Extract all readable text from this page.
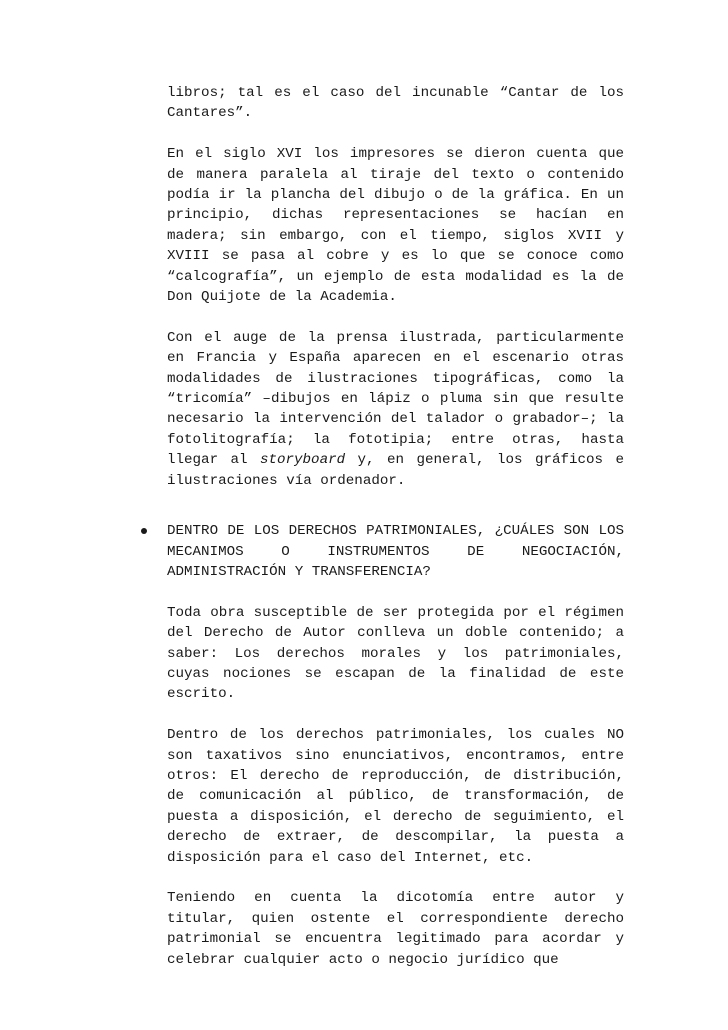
libros; tal es el caso del incunable “Cantar de los Cantares”.

En el siglo XVI los impresores se dieron cuenta que de manera paralela al tiraje del texto o contenido podía ir la plancha del dibujo o de la gráfica. En un principio, dichas representaciones se hacían en madera; sin embargo, con el tiempo, siglos XVII y XVIII se pasa al cobre y es lo que se conoce como “calcografía”, un ejemplo de esta modalidad es la de Don Quijote de la Academia.

Con el auge de la prensa ilustrada, particularmente en Francia y España aparecen en el escenario otras modalidades de ilustraciones tipográficas, como la “tricomía” –dibujos en lápiz o pluma sin que resulte necesario la intervención del talador o grabador–; la fotolitografía; la fototipia; entre otras, hasta llegar al storyboard y, en general, los gráficos e ilustraciones vía ordenador.

DENTRO DE LOS DERECHOS PATRIMONIALES, ¿CUÁLES SON LOS MECANIMOS O INSTRUMENTOS DE NEGOCIACIÓN, ADMINISTRACIÓN Y TRANSFERENCIA?

Toda obra susceptible de ser protegida por el régimen del Derecho de Autor conlleva un doble contenido; a saber: Los derechos morales y los patrimoniales, cuyas nociones se escapan de la finalidad de este escrito.

Dentro de los derechos patrimoniales, los cuales NO son taxativos sino enunciativos, encontramos, entre otros: El derecho de reproducción, de distribución, de comunicación al público, de transformación, de puesta a disposición, el derecho de seguimiento, el derecho de extraer, de descompilar, la puesta a disposición para el caso del Internet, etc.

Teniendo en cuenta la dicotomía entre autor y titular, quien ostente el correspondiente derecho patrimonial se encuentra legitimado para acordar y celebrar cualquier acto o negocio jurídico que
